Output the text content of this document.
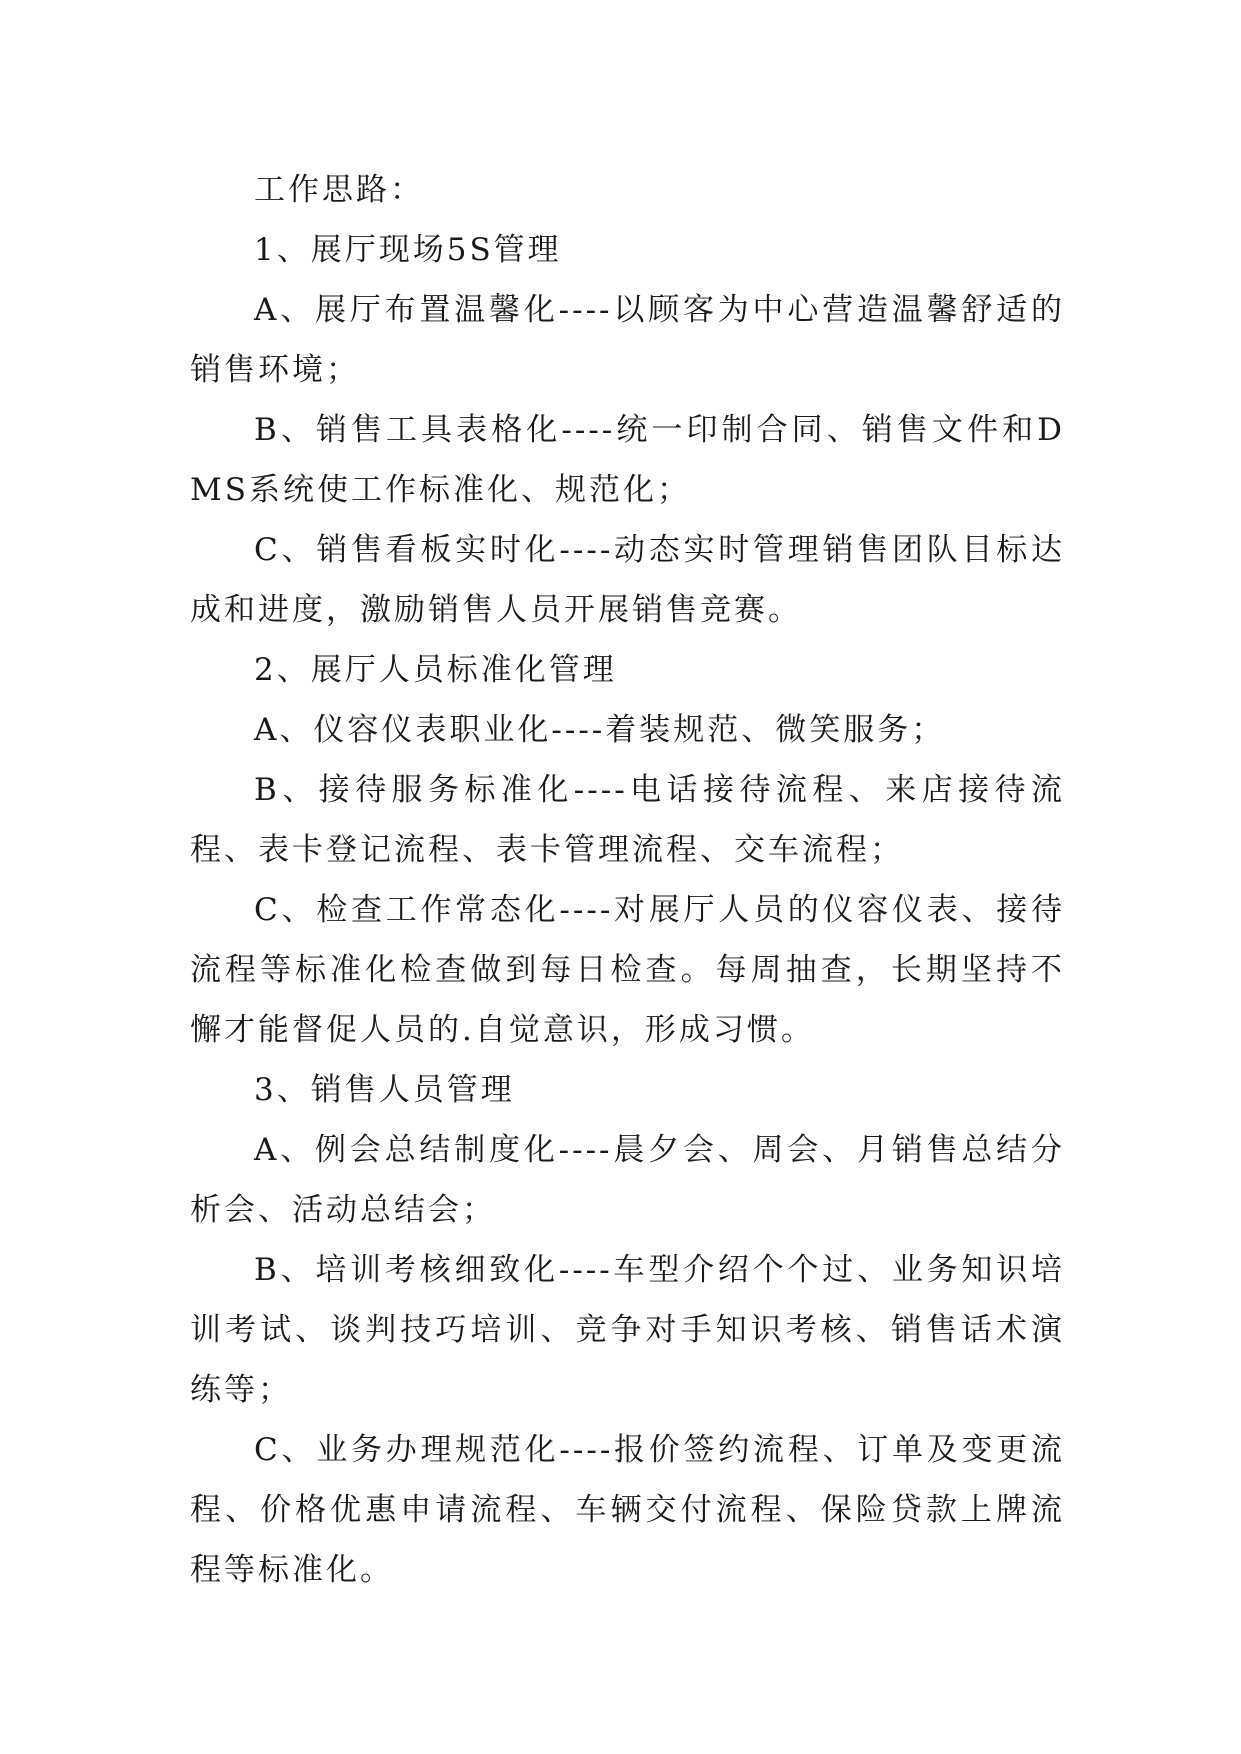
工作思路：

1、展厅现场5S管理

A、展厅布置温馨化----以顾客为中心营造温馨舒适的销售环境；

B、销售工具表格化----统一印制合同、销售文件和DMS系统使工作标准化、规范化；

C、销售看板实时化----动态实时管理销售团队目标达成和进度，激励销售人员开展销售竞赛。

2、展厅人员标准化管理

A、仪容仪表职业化----着装规范、微笑服务；

B、接待服务标准化----电话接待流程、来店接待流程、表卡登记流程、表卡管理流程、交车流程；

C、检查工作常态化----对展厅人员的仪容仪表、接待流程等标准化检查做到每日检查。每周抽查，长期坚持不懈才能督促人员的.自觉意识，形成习惯。

3、销售人员管理

A、例会总结制度化----晨夕会、周会、月销售总结分析会、活动总结会；

B、培训考核细致化----车型介绍个个过、业务知识培训考试、谈判技巧培训、竞争对手知识考核、销售话术演练等；

C、业务办理规范化----报价签约流程、订单及变更流程、价格优惠申请流程、车辆交付流程、保险贷款上牌流程等标准化。
